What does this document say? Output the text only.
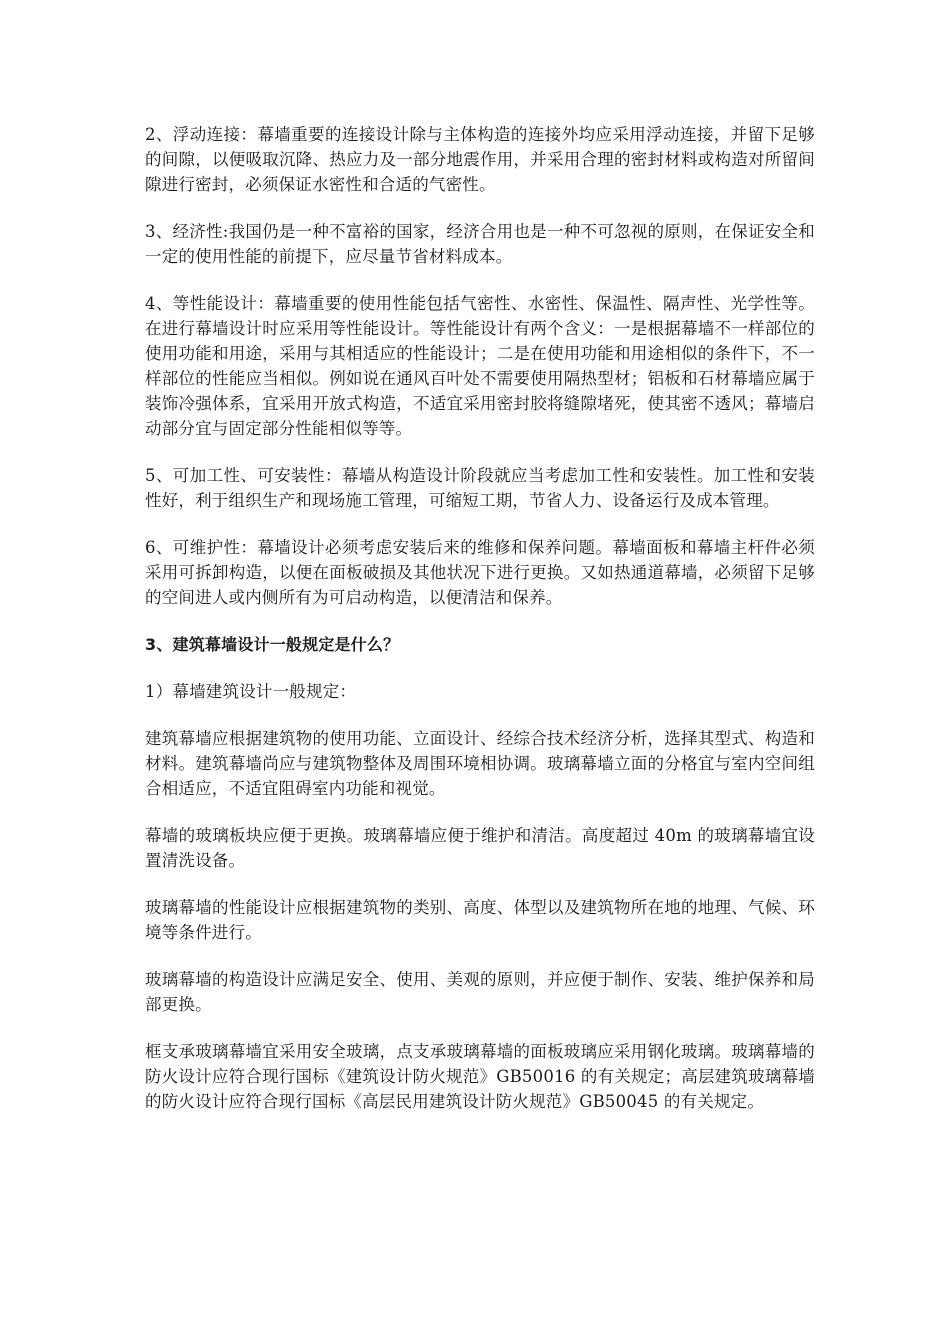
2、浮动连接：幕墙重要的连接设计除与主体构造的连接外均应采用浮动连接，并留下足够的间隙，以便吸取沉降、热应力及一部分地震作用，并采用合理的密封材料或构造对所留间隙进行密封，必须保证水密性和合适的气密性。

3、经济性:我国仍是一种不富裕的国家，经济合用也是一种不可忽视的原则，在保证安全和一定的使用性能的前提下，应尽量节省材料成本。

4、等性能设计：幕墙重要的使用性能包括气密性、水密性、保温性、隔声性、光学性等。在进行幕墙设计时应采用等性能设计。等性能设计有两个含义：一是根据幕墙不一样部位的使用功能和用途，采用与其相适应的性能设计；二是在使用功能和用途相似的条件下，不一样部位的性能应当相似。例如说在通风百叶处不需要使用隔热型材；铝板和石材幕墙应属于装饰冷强体系，宜采用开放式构造，不适宜采用密封胶将缝隙堵死，使其密不透风；幕墙启动部分宜与固定部分性能相似等等。

5、可加工性、可安装性：幕墙从构造设计阶段就应当考虑加工性和安装性。加工性和安装性好，利于组织生产和现场施工管理，可缩短工期，节省人力、设备运行及成本管理。

6、可维护性：幕墙设计必须考虑安装后来的维修和保养问题。幕墙面板和幕墙主杆件必须采用可拆卸构造，以便在面板破损及其他状况下进行更换。又如热通道幕墙，必须留下足够的空间进人或内侧所有为可启动构造，以便清洁和保养。

3、建筑幕墙设计一般规定是什么？

1）幕墙建筑设计一般规定：

建筑幕墙应根据建筑物的使用功能、立面设计、经综合技术经济分析，选择其型式、构造和材料。建筑幕墙尚应与建筑物整体及周围环境相协调。玻璃幕墙立面的分格宜与室内空间组合相适应，不适宜阻碍室内功能和视觉。

幕墙的玻璃板块应便于更换。玻璃幕墙应便于维护和清洁。高度超过 40m 的玻璃幕墙宜设置清洗设备。

玻璃幕墙的性能设计应根据建筑物的类别、高度、体型以及建筑物所在地的地理、气候、环境等条件进行。

玻璃幕墙的构造设计应满足安全、使用、美观的原则，并应便于制作、安装、维护保养和局部更换。

框支承玻璃幕墙宜采用安全玻璃，点支承玻璃幕墙的面板玻璃应采用钢化玻璃。玻璃幕墙的防火设计应符合现行国标《建筑设计防火规范》GB50016 的有关规定；高层建筑玻璃幕墙的防火设计应符合现行国标《高层民用建筑设计防火规范》GB50045 的有关规定。
